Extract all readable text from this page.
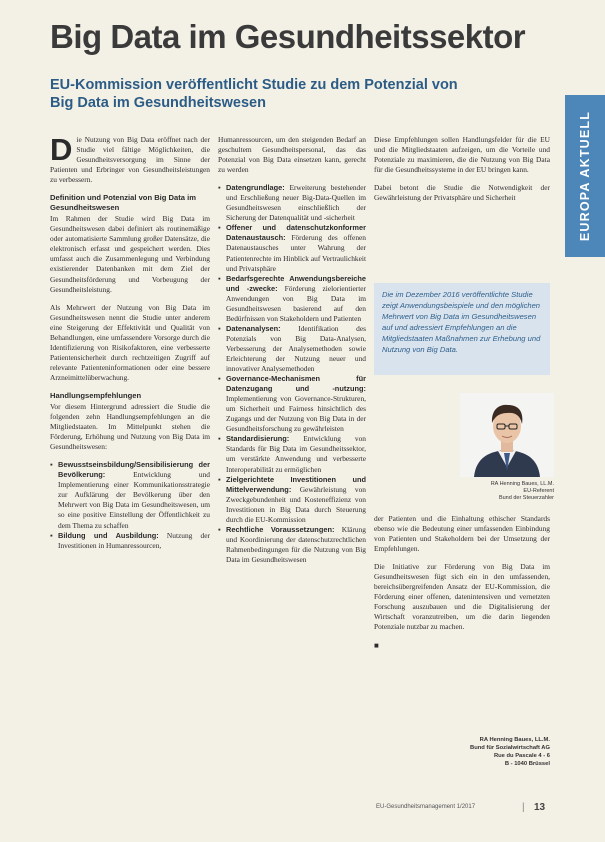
Big Data im Gesundheitssektor
EU-Kommission veröffentlicht Studie zu dem Potenzial von Big Data im Gesundheitswesen
EUROPA AKTUELL

Die Nutzung von Big Data eröffnet nach der Studie viel fältige Möglichkeiten, die Gesundheitsversorgung im Sinne der Patienten und Erbringer von Gesundheitsleistungen zu verbessern.

Definition und Potenzial von Big Data im Gesundheitswesen

Im Rahmen der Studie wird Big Data im Gesundheitswesen dabei definiert als routinemäßige oder automatisierte Sammlung großer Datensätze, die elektronisch erfasst und gespeichert werden. Dies umfasst auch die Zusammenlegung und Verbindung existierender Datenbanken mit dem Ziel der Gesundheitsförderung und Vorbeugung der Gesundheitsleistung.

Als Mehrwert der Nutzung von Big Data im Gesundheitswesen nennt die Studie unter anderem eine Steigerung der Effektivität und Qualität von Behandlungen, eine umfassendere Vorsorge durch die Identifizierung von Risikofaktoren, eine verbesserte Patientensicherheit durch rechtzeitigen Zugriff auf relevante Patienteninformationen oder eine bessere Arzneimittelüberwachung.

Handlungsempfehlungen

Vor diesem Hintergrund adressiert die Studie die folgenden zehn Handlungsempfehlungen an die Mitgliedstaaten. Im Mittelpunkt stehen die Förderung, Erhöhung und Nutzung von Big Data im Gesundheitswesen:

▪ Bewusstseinsbildung/Sensibilisierung der Bevölkerung: Entwicklung und Implementierung einer Kommunikationsstrategie zur Aufklärung der Bevölkerung über den Mehrwert von Big Data im Gesundheitswesen, um so eine positive Einstellung der Öffentlichkeit zu dem Thema zu schaffen
▪ Bildung und Ausbildung: Nutzung der Investitionen in Humanressourcen,

Humanressourcen, um den steigenden Bedarf an geschultem Gesundheitspersonal, das das Potenzial von Big Data einsetzen kann, gerecht zu werden

▪ Datengrundlage: Erweiterung bestehender und Erschließung neuer Big-Data-Quellen im Gesundheitswesen einschließlich der Sicherung der Datenqualität und -sicherheit
▪ Offener und datenschutzkonformer Datenaustausch: Förderung des offenen Datenaustausches unter Wahrung der Patientenrechte im Hinblick auf Vertraulichkeit und Privatsphäre
▪ Bedarfsgerechte Anwendungsbereiche und -zwecke: Förderung zielorientierter Anwendungen von Big Data im Gesundheitswesen basierend auf den Bedürfnissen von Stakeholdern und Patienten
▪ Datenanalysen: Identifikation des Potenzials von Big Data-Analysen, Verbesserung der Analysemethoden sowie Erleichterung der Nutzung neuer und innovativer Analysemethoden
▪ Governance-Mechanismen für Datenzugang und -nutzung: Implementierung von Governance-Strukturen, um Sicherheit und Fairness hinsichtlich des Zugangs und der Nutzung von Big Data in der Gesundheitsforschung zu gewährleisten
▪ Standardisierung: Entwicklung von Standards für Big Data im Gesundheitssektor, um verstärkte Anwendung und verbesserte Interoperabilität zu ermöglichen
▪ Zielgerichtete Investitionen und Mittelverwendung: Gewährleistung von Zweckgebundenheit und Kosteneffizienz von Investitionen in Big Data durch Steuerung durch die EU-Kommission
▪ Rechtliche Voraussetzungen: Klärung und Koordinierung der datenschutzrechtlichen Rahmenbedingungen für die Nutzung von Big Data im Gesundheitswesen

Diese Empfehlungen sollen Handlungsfelder für die EU und die Mitgliedstaaten aufzeigen, um die Vorteile und Potenziale zu maximieren, die die Nutzung von Big Data für die Gesundheitssysteme in der EU bringen kann.

Dabei betont die Studie die Notwendigkeit der Gewährleistung der Privatsphäre und Sicherheit

Die im Dezember 2016 veröffentlichte Studie zeigt Anwendungsbeispiele und den möglichen Mehrwert von Big Data im Gesundheitswesen auf und adressiert Empfehlungen an die Mitgliedstaaten Maßnahmen zur Erhebung und Nutzung von Big Data.
RA Henning Baues, LL.M.
EU-Referent
Bund der Steuerzahler

der Patienten und die Einhaltung ethischer Standards ebenso wie die Bedeutung einer umfassenden Einbindung von Patienten und Stakeholdern bei der Umsetzung der Empfehlungen.

Die Initiative zur Förderung von Big Data im Gesundheitswesen fügt sich ein in den umfassenden, bereichsübergreifenden Ansatz der EU-Kommission, die Förderung einer offenen, datenintensiven und vernetzten Forschung auszubauen und die Digitalisierung der Wirtschaft voranzutreiben, um die darin liegenden Potenziale nutzbar zu machen.

■
RA Henning Baues, LL.M.
Bund für Sozialwirtschaft AG
Rue du Pascale 4 - 6
B - 1040 Brüssel
EU-Gesundheitsmanagement 1/2017	| 13
